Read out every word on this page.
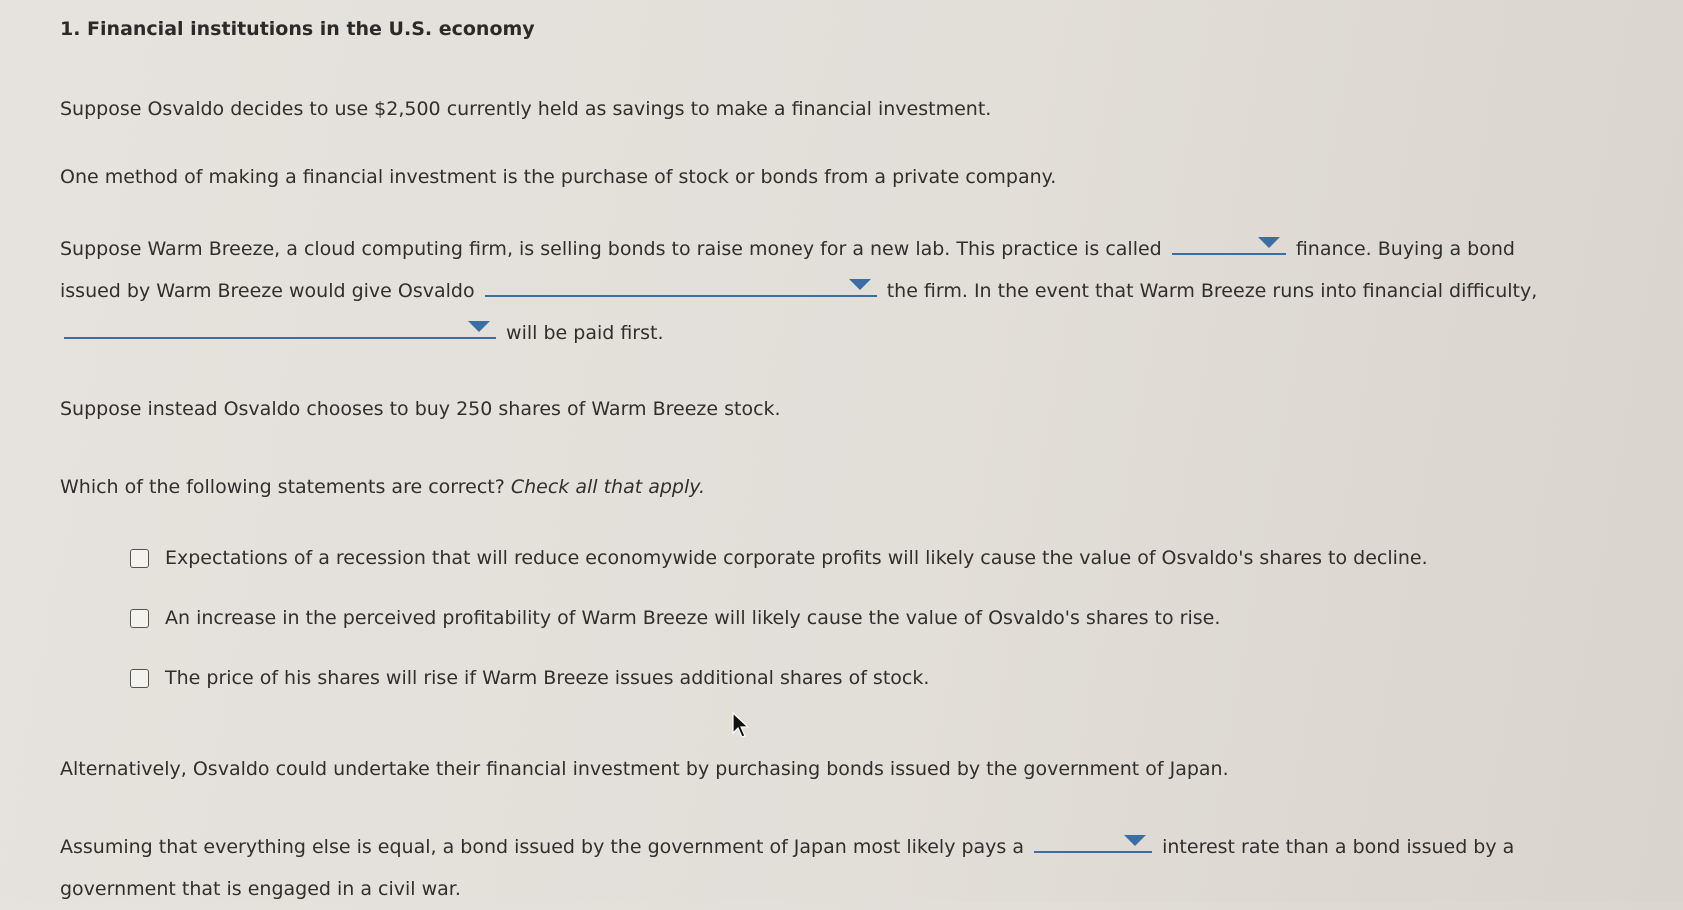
1. Financial institutions in the U.S. economy

Suppose Osvaldo decides to use $2,500 currently held as savings to make a financial investment.

One method of making a financial investment is the purchase of stock or bonds from a private company.

Suppose Warm Breeze, a cloud computing firm, is selling bonds to raise money for a new lab. This practice is called	finance. Buying a bond issued by Warm Breeze would give Osvaldo	the firm. In the event that Warm Breeze runs into financial difficulty,
will be paid first.

Suppose instead Osvaldo chooses to buy 250 shares of Warm Breeze stock.

Which of the following statements are correct? Check all that apply.

Expectations of a recession that will reduce economywide corporate profits will likely cause the value of Osvaldo's shares to decline.
An increase in the perceived profitability of Warm Breeze will likely cause the value of Osvaldo's shares to rise.
The price of his shares will rise if Warm Breeze issues additional shares of stock.

Alternatively, Osvaldo could undertake their financial investment by purchasing bonds issued by the government of Japan.

Assuming that everything else is equal, a bond issued by the government of Japan most likely pays a	interest rate than a bond issued by a government that is engaged in a civil war.
